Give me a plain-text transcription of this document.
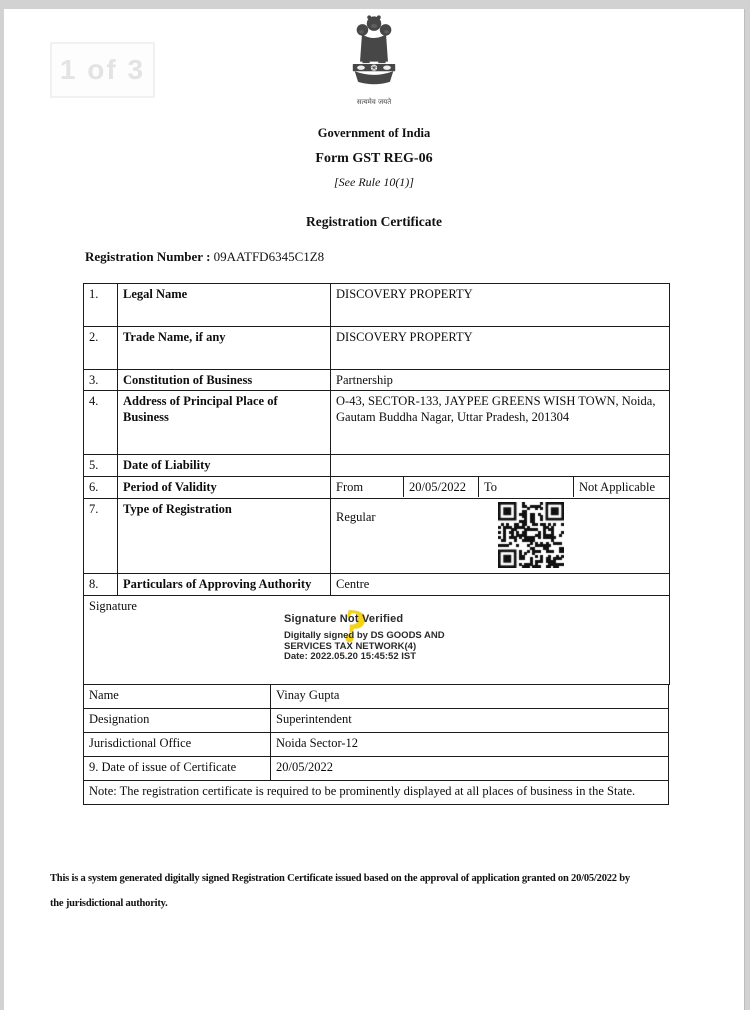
1 of 3
सत्यमेव जयते
Government of India
Form GST REG-06
[See Rule 10(1)]
Registration Certificate
Registration Number : 09AATFD6345C1Z8
1.	Legal Name	DISCOVERY PROPERTY
2.	Trade Name, if any	DISCOVERY PROPERTY
3.	Constitution of Business	Partnership
4.	Address of Principal Place of Business	O-43, SECTOR-133, JAYPEE GREENS WISH TOWN, Noida, Gautam Buddha Nagar, Uttar Pradesh, 201304
5.	Date of Liability	
6.	Period of Validity	From 20/05/2022 To Not Applicable

7.	Type of Registration	Regular

8.	Particulars of Approving Authority	Centre
Signature	?
Signature Not Verified
Digitally signed by DS GOODS AND
SERVICES TAX NETWORK(4)
Date: 2022.05.20 15:45:52 IST
Name	Vinay Gupta
Designation	Superintendent
Jurisdictional Office	Noida Sector-12
9. Date of issue of Certificate	20/05/2022
Note: The registration certificate is required to be prominently displayed at all places of business in the State.	
This is a system generated digitally signed Registration Certificate issued based on the approval of application granted on 20/05/2022 by
the jurisdictional authority.
